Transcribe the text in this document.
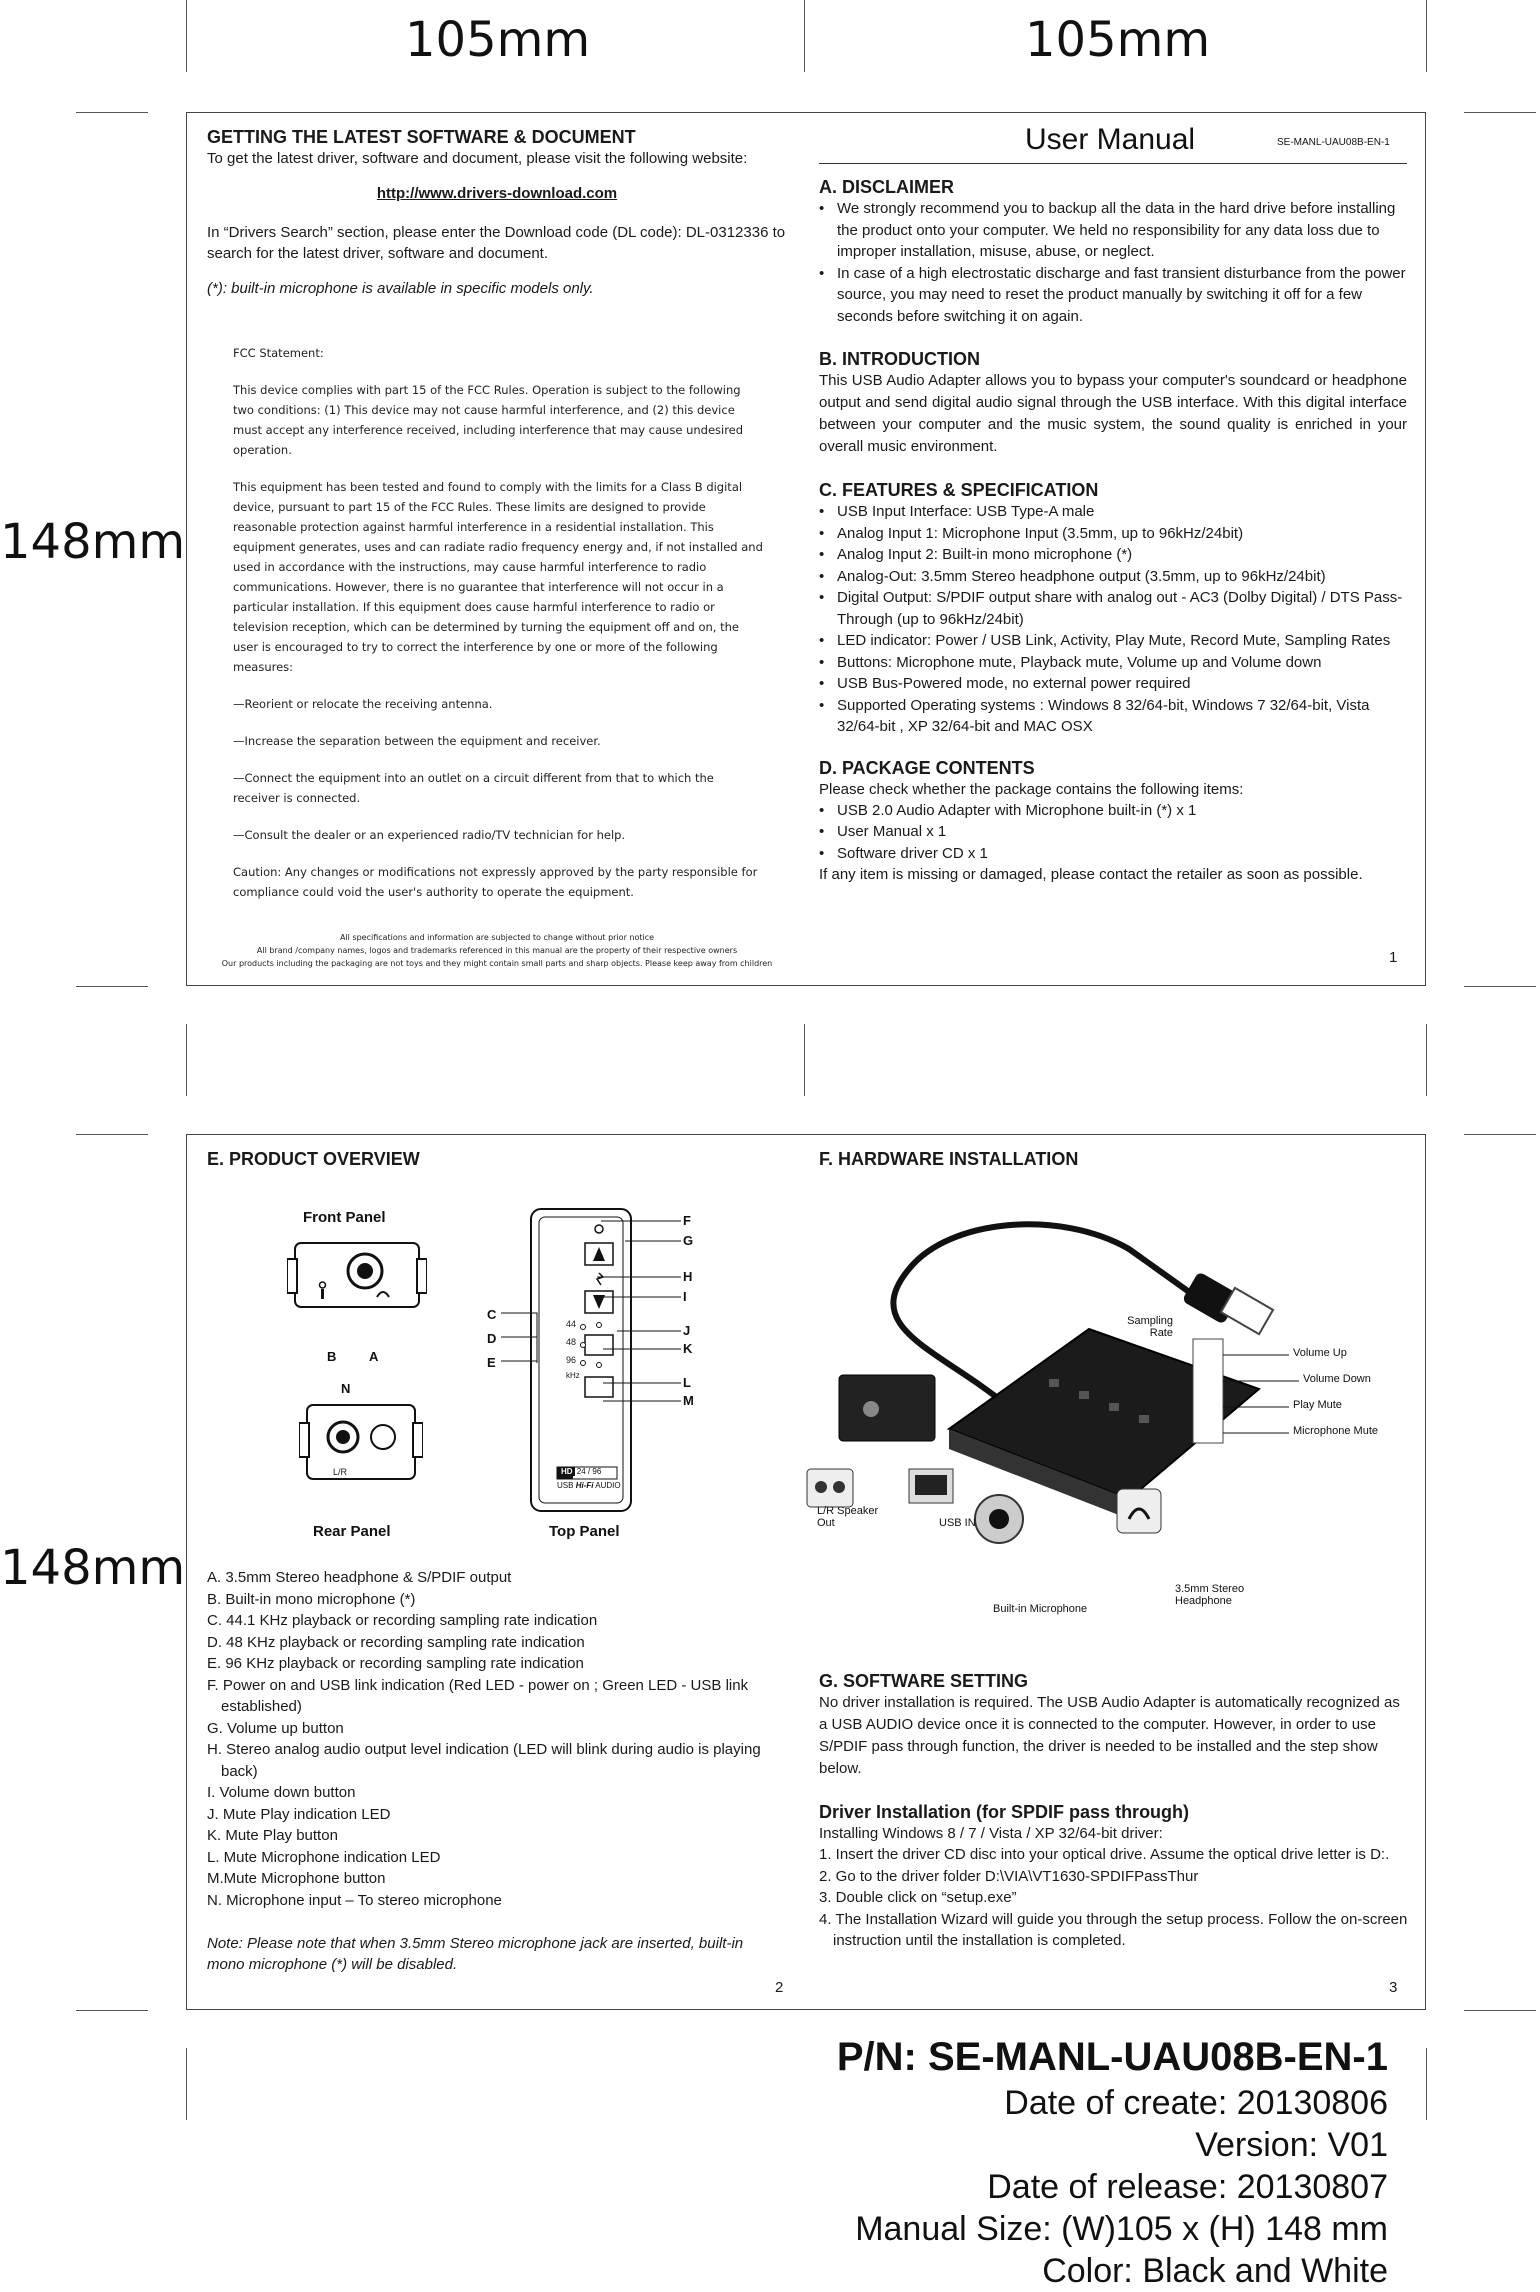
105mm	105mm
148mm
148mm

GETTING THE LATEST SOFTWARE & DOCUMENT

To get the latest driver, software and document, please visit the following website:

http://www.drivers-download.com

In “Drivers Search” section, please enter the Download code (DL code): DL-0312336 to search for the latest driver, software and document.

(*): built-in microphone is available in specific models only.

FCC Statement:
This device complies with part 15 of the FCC Rules. Operation is subject to the following two conditions: (1) This device may not cause harmful interference, and (2) this device must accept any interference received, including interference that may cause undesired operation.
This equipment has been tested and found to comply with the limits for a Class B digital device, pursuant to part 15 of the FCC Rules. These limits are designed to provide reasonable protection against harmful interference in a residential installation. This equipment generates, uses and can radiate radio frequency energy and, if not installed and used in accordance with the instructions, may cause harmful interference to radio communications. However, there is no guarantee that interference will not occur in a particular installation. If this equipment does cause harmful interference to radio or television reception, which can be determined by turning the equipment off and on, the user is encouraged to try to correct the interference by one or more of the following measures:
—Reorient or relocate the receiving antenna.
—Increase the separation between the equipment and receiver.
—Connect the equipment into an outlet on a circuit different from that to which the receiver is connected.
—Consult the dealer or an experienced radio/TV technician for help.
Caution: Any changes or modifications not expressly approved by the party responsible for compliance could void the user's authority to operate the equipment.
All specifications and information are subjected to change without prior notice
All brand /company names, logos and trademarks referenced in this manual are the property of their respective owners
Our products including the packaging are not toys and they might contain small parts and sharp objects. Please keep away from children
User Manual	SE-MANL-UAU08B-EN-1

A. DISCLAIMER

• We strongly recommend you to backup all the data in the hard drive before installing the product onto your computer. We held no responsibility for any data loss due to improper installation, misuse, abuse, or neglect.
• In case of a high electrostatic discharge and fast transient disturbance from the power source, you may need to reset the product manually by switching it off for a few seconds before switching it on again.

B. INTRODUCTION

This USB Audio Adapter allows you to bypass your computer's soundcard or headphone output and send digital audio signal through the USB interface. With this digital interface between your computer and the music system, the sound quality is enriched in your overall music environment.

C. FEATURES & SPECIFICATION

• USB Input Interface: USB Type-A male
• Analog Input 1: Microphone Input (3.5mm, up to 96kHz/24bit)
• Analog Input 2: Built-in mono microphone (*)
• Analog-Out: 3.5mm Stereo headphone output (3.5mm, up to 96kHz/24bit)
• Digital Output: S/PDIF output share with analog out - AC3 (Dolby Digital) / DTS Pass-Through (up to 96kHz/24bit)
• LED indicator: Power / USB Link, Activity, Play Mute, Record Mute, Sampling Rates
• Buttons: Microphone mute, Playback mute, Volume up and Volume down
• USB Bus-Powered mode, no external power required
• Supported Operating systems : Windows 8 32/64-bit, Windows 7 32/64-bit, Vista 32/64-bit , XP 32/64-bit and MAC OSX

D. PACKAGE CONTENTS

Please check whether the package contains the following items:

• USB 2.0 Audio Adapter with Microphone built-in (*) x 1
• User Manual x 1
• Software driver CD x 1

If any item is missing or damaged, please contact the retailer as soon as possible.

1

E. PRODUCT OVERVIEW

Front Panel
Rear Panel	Top Panel
B	A
N
L/R
44
48
96
kHz
HD 24 / 96
USB Hi-Fi AUDIO
C
D
E
F
G
H
I
J
K
L
M
A. 3.5mm Stereo headphone & S/PDIF output
B. Built-in mono microphone (*)
C. 44.1 KHz playback or recording sampling rate indication
D. 48 KHz playback or recording sampling rate indication
E. 96 KHz playback or recording sampling rate indication
F. Power on and USB link indication (Red LED - power on ; Green LED - USB link established)
G. Volume up button
H. Stereo analog audio output level indication (LED will blink during audio is playing back)
I. Volume down button
J. Mute Play indication LED
K. Mute Play button
L. Mute Microphone indication LED
M.Mute Microphone button
N. Microphone input – To stereo microphone

Note: Please note that when 3.5mm Stereo microphone jack are inserted, built-in mono microphone (*) will be disabled.

2

F. HARDWARE INSTALLATION

Sampling Rate
Volume Up
Volume Down
Play Mute
Microphone Mute
L/R Speaker Out	USB IN
Built-in Microphone
3.5mm Stereo Headphone

G. SOFTWARE SETTING

No driver installation is required. The USB Audio Adapter is automatically recognized as a USB AUDIO device once it is connected to the computer. However, in order to use S/PDIF pass through function, the driver is needed to be installed and the step show below.

Driver Installation (for SPDIF pass through)

Installing Windows 8 / 7 / Vista / XP 32/64-bit driver:

1. Insert the driver CD disc into your optical drive. Assume the optical drive letter is D:.
2. Go to the driver folder D:\VIA\VT1630-SPDIFPassThur
3. Double click on “setup.exe”
4. The Installation Wizard will guide you through the setup process. Follow the on-screen instruction until the installation is completed.
3
P/N: SE-MANL-UAU08B-EN-1
Date of create: 20130806
Version: V01
Date of release: 20130807
Manual Size: (W)105 x (H) 148 mm
Color: Black and White
